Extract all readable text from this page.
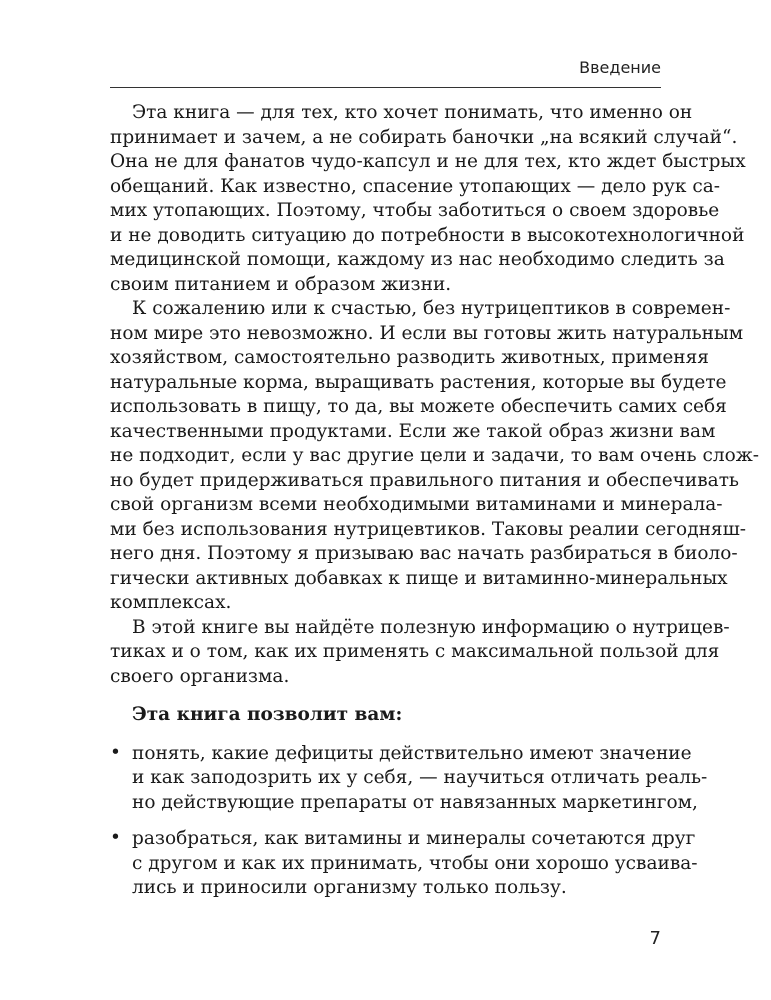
Введение
Эта книга — для тех, кто хочет понимать, что именно он
принимает и зачем, а не собирать баночки „на всякий случай“.
Она не для фанатов чудо-капсул и не для тех, кто ждет быстрых
обещаний. Как известно, спасение утопающих — дело рук са-
мих утопающих. Поэтому, чтобы заботиться о своем здоровье
и не доводить ситуацию до потребности в высокотехнологичной
медицинской помощи, каждому из нас необходимо следить за
своим питанием и образом жизни.
К сожалению или к счастью, без нутрицептиков в современ-
ном мире это невозможно. И если вы готовы жить натуральным
хозяйством, самостоятельно разводить животных, применяя
натуральные корма, выращивать растения, которые вы будете
использовать в пищу, то да, вы можете обеспечить самих себя
качественными продуктами. Если же такой образ жизни вам
не подходит, если у вас другие цели и задачи, то вам очень слож-
но будет придерживаться правильного питания и обеспечивать
свой организм всеми необходимыми витаминами и минерала-
ми без использования нутрицевтиков. Таковы реалии сегодняш-
него дня. Поэтому я призываю вас начать разбираться в биоло-
гически активных добавках к пище и витаминно-минеральных
комплексах.
В этой книге вы найдёте полезную информацию о нутрицев-
тиках и о том, как их применять с максимальной пользой для
своего организма.
Эта книга позволит вам:
• понять, какие дефициты действительно имеют значение
и как заподозрить их у себя, — научиться отличать реаль-
но действующие препараты от навязанных маркетингом,
• разобраться, как витамины и минералы сочетаются друг
с другом и как их принимать, чтобы они хорошо усваива-
лись и приносили организму только пользу.
7
